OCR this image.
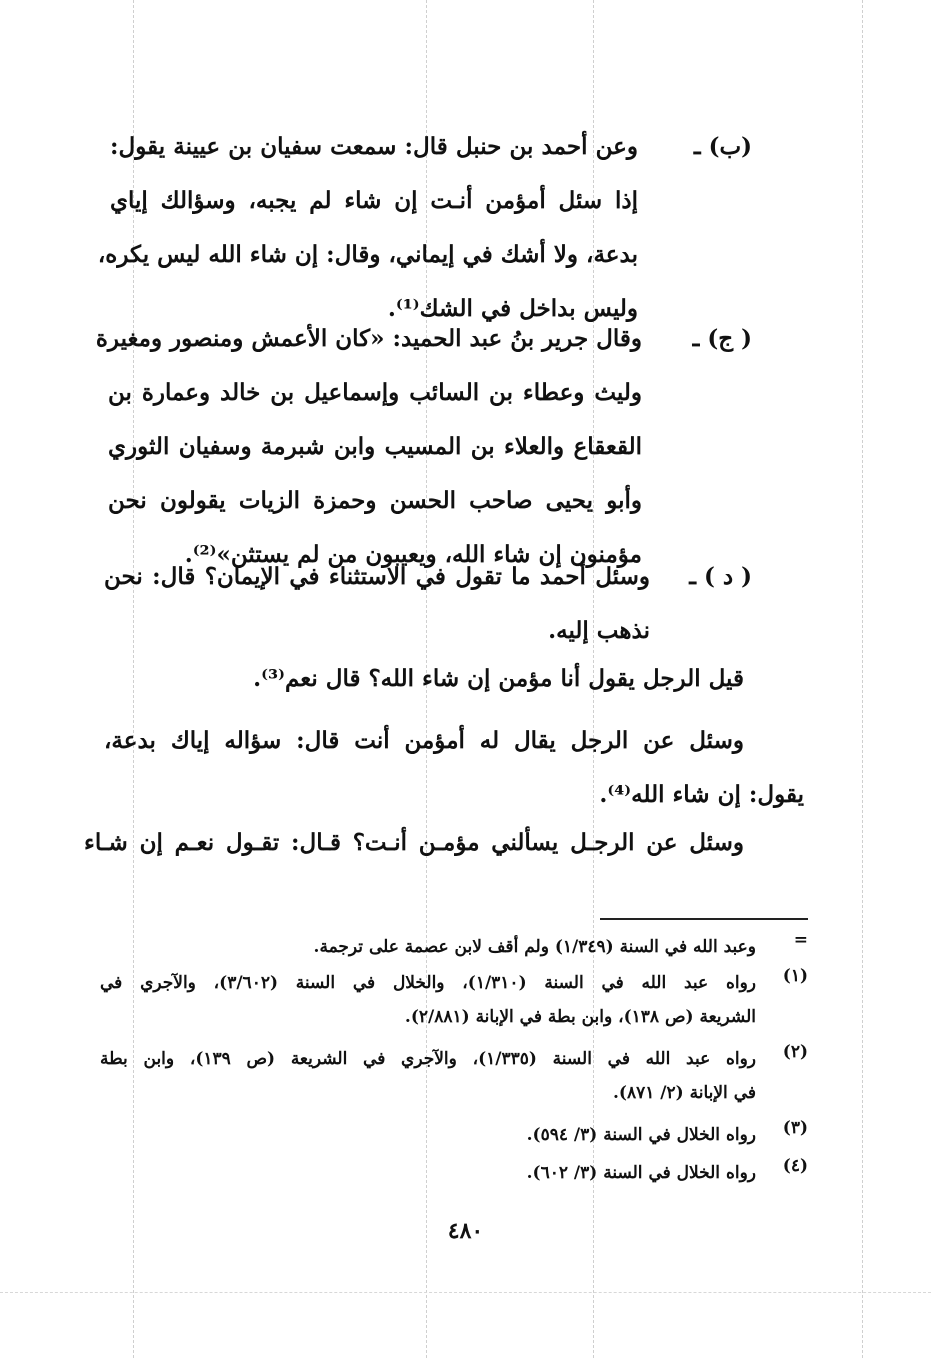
(ب) ـ
وعن أحمد بن حنبل قال: سمعت سفيان بن عيينة يقول:
إذا سئل أمؤمن أنـت إن شاء لم يجبه، وسؤالك إياي
بدعة، ولا أشك في إيماني، وقال: إن شاء الله ليس يكره،
وليس بداخل في الشك⁽¹⁾.
( ج) ـ
وقال جرير بنُ عبد الحميد: «كان الأعمش ومنصور ومغيرة
وليث وعطاء بن السائب وإسماعيل بن خالد وعمارة بن
القعقاع والعلاء بن المسيب وابن شبرمة وسفيان الثوري
وأبو يحيى صاحب الحسن وحمزة الزيات يقولون نحن
مؤمنون إن شاء الله، ويعيبون من لم يستثن»⁽²⁾.
( د ) ـ
وسئل أحمد ما تقول في الاستثناء في الإيمان؟ قال: نحن
نذهب إليه.
قيل الرجل يقول أنا مؤمن إن شاء الله؟ قال نعم⁽³⁾.
وسئل عن الرجل يقال له أمؤمن أنت قال: سؤاله إياك بدعة،
يقول: إن شاء الله⁽⁴⁾.
وسئل عن الرجـل يسألني مؤمـن أنـت؟ قـال: تقـول نعـم إن شـاء
=
وعبد الله في السنة (١/٣٤٩) ولم أقف لابن عصمة على ترجمة.
(١)
رواه عبد الله في السنة (١/٣١٠)، والخلال في السنة (٣/٦٠٢)، والآجري في
الشريعة (ص ١٣٨)، وابن بطة في الإبانة (٢/٨٨١).
(٢)
رواه عبد الله في السنة (١/٣٣٥)، والآجري في الشريعة (ص ١٣٩)، وابن بطة
في الإبانة (٢/ ٨٧١).
(٣)
رواه الخلال في السنة (٣/ ٥٩٤).
(٤)
رواه الخلال في السنة (٣/ ٦٠٢).
٤٨٠
